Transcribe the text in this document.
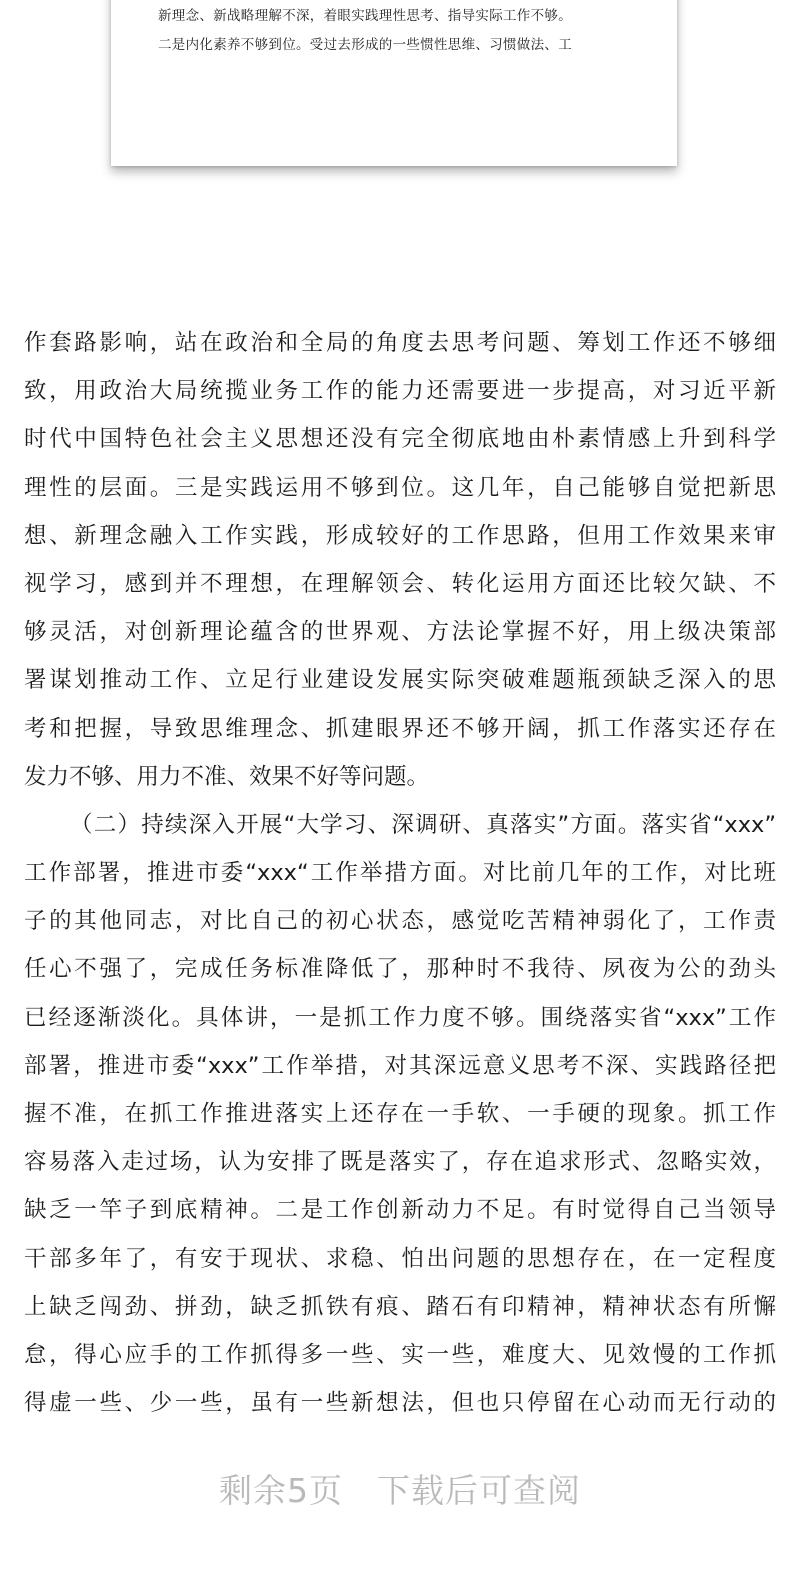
新理念、新战略理解不深，着眼实践理性思考、指导实际工作不够。
二是内化素养不够到位。受过去形成的一些惯性思维、习惯做法、工
作套路影响，站在政治和全局的角度去思考问题、筹划工作还不够细
致，用政治大局统揽业务工作的能力还需要进一步提高，对习近平新
时代中国特色社会主义思想还没有完全彻底地由朴素情感上升到科学
理性的层面。三是实践运用不够到位。这几年，自己能够自觉把新思
想、新理念融入工作实践，形成较好的工作思路，但用工作效果来审
视学习，感到并不理想，在理解领会、转化运用方面还比较欠缺、不
够灵活，对创新理论蕴含的世界观、方法论掌握不好，用上级决策部
署谋划推动工作、立足行业建设发展实际突破难题瓶颈缺乏深入的思
考和把握，导致思维理念、抓建眼界还不够开阔，抓工作落实还存在
发力不够、用力不准、效果不好等问题。
（二）持续深入开展“大学习、深调研、真落实”方面。落实省“xxx”
工作部署，推进市委“xxx“工作举措方面。对比前几年的工作，对比班
子的其他同志，对比自己的初心状态，感觉吃苦精神弱化了，工作责
任心不强了，完成任务标准降低了，那种时不我待、夙夜为公的劲头
已经逐渐淡化。具体讲，一是抓工作力度不够。围绕落实省“xxx”工作
部署，推进市委“xxx”工作举措，对其深远意义思考不深、实践路径把
握不准，在抓工作推进落实上还存在一手软、一手硬的现象。抓工作
容易落入走过场，认为安排了既是落实了，存在追求形式、忽略实效，
缺乏一竿子到底精神。二是工作创新动力不足。有时觉得自己当领导
干部多年了，有安于现状、求稳、怕出问题的思想存在，在一定程度
上缺乏闯劲、拼劲，缺乏抓铁有痕、踏石有印精神，精神状态有所懈
怠，得心应手的工作抓得多一些、实一些，难度大、见效慢的工作抓
得虚一些、少一些，虽有一些新想法，但也只停留在心动而无行动的
剩余5页 下载后可查阅
